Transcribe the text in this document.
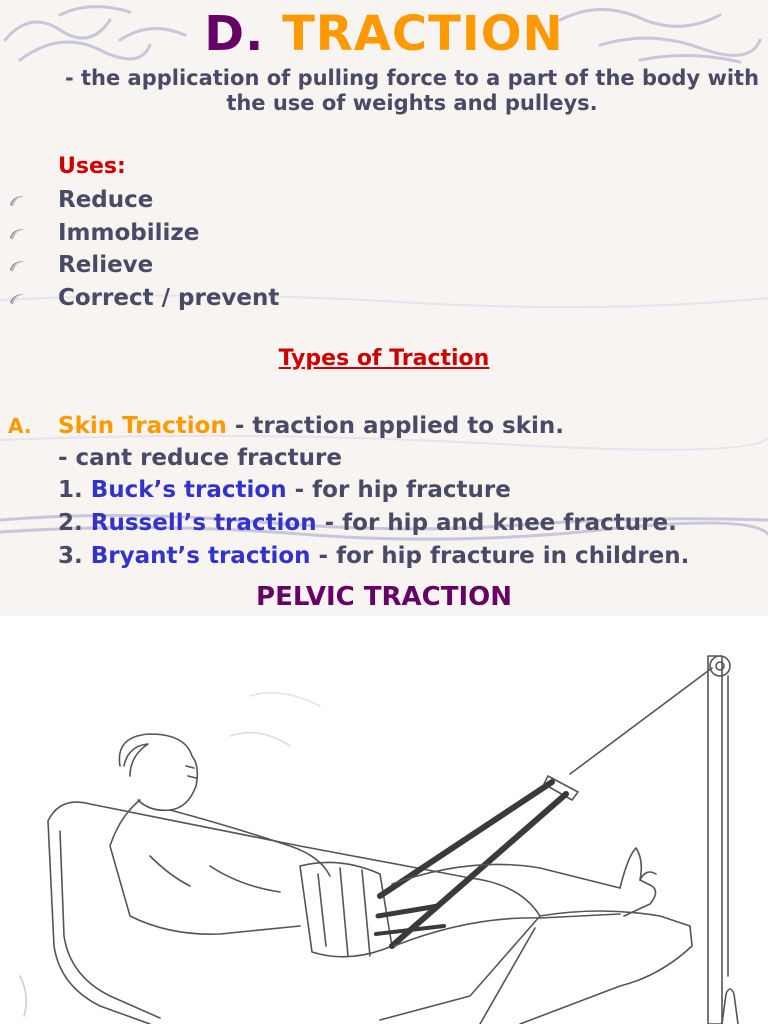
D. TRACTION
- the application of pulling force to a part of the body with the use of weights and pulleys.
Uses:
Reduce
Immobilize
Relieve
Correct / prevent
Types of Traction
A. Skin Traction - traction applied to skin.
- cant reduce fracture
1. Buck’s traction - for hip fracture
2. Russell’s traction - for hip and knee fracture.
3. Bryant’s traction - for hip fracture in children.
PELVIC TRACTION
